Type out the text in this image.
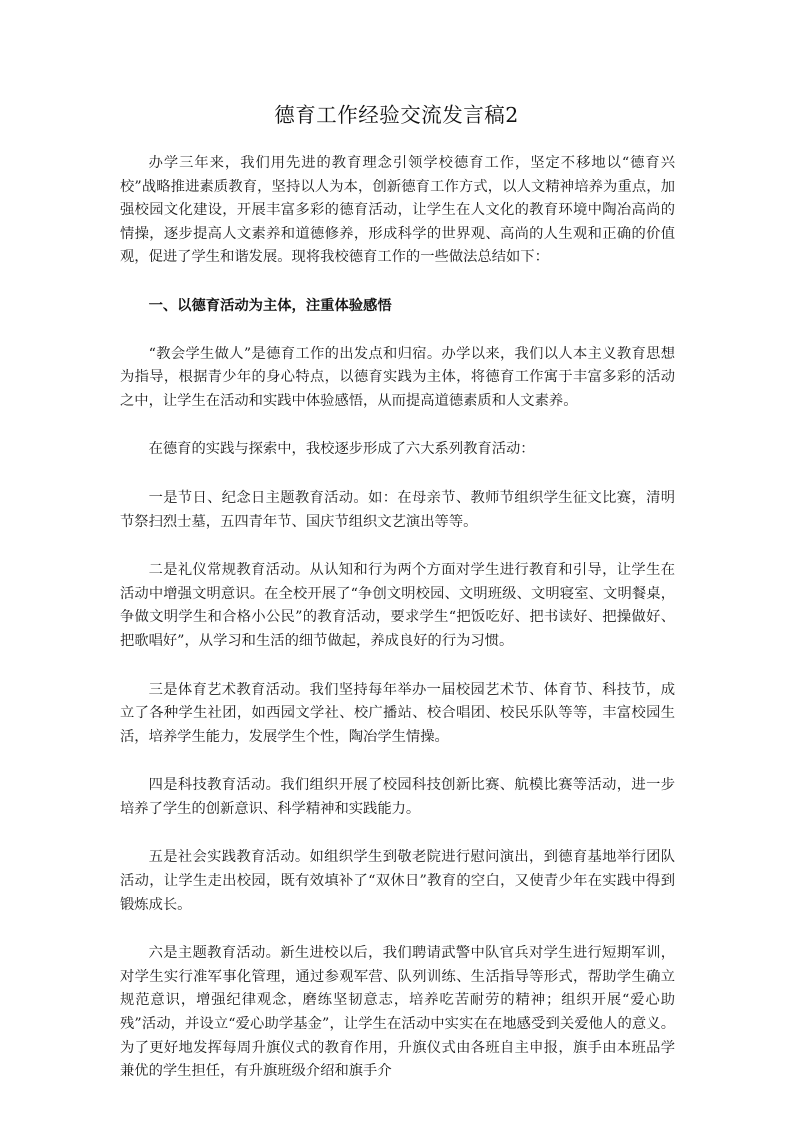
德育工作经验交流发言稿2

办学三年来，我们用先进的教育理念引领学校德育工作，坚定不移地以“德育兴校”战略推进素质教育，坚持以人为本，创新德育工作方式，以人文精神培养为重点，加强校园文化建设，开展丰富多彩的德育活动，让学生在人文化的教育环境中陶冶高尚的情操，逐步提高人文素养和道德修养，形成科学的世界观、高尚的人生观和正确的价值观，促进了学生和谐发展。现将我校德育工作的一些做法总结如下：

一、以德育活动为主体，注重体验感悟

“教会学生做人”是德育工作的出发点和归宿。办学以来，我们以人本主义教育思想为指导，根据青少年的身心特点，以德育实践为主体，将德育工作寓于丰富多彩的活动之中，让学生在活动和实践中体验感悟，从而提高道德素质和人文素养。

在德育的实践与探索中，我校逐步形成了六大系列教育活动：

一是节日、纪念日主题教育活动。如：在母亲节、教师节组织学生征文比赛，清明节祭扫烈士墓，五四青年节、国庆节组织文艺演出等等。

二是礼仪常规教育活动。从认知和行为两个方面对学生进行教育和引导，让学生在活动中增强文明意识。在全校开展了“争创文明校园、文明班级、文明寝室、文明餐桌，争做文明学生和合格小公民”的教育活动，要求学生“把饭吃好、把书读好、把操做好、把歌唱好”，从学习和生活的细节做起，养成良好的行为习惯。

三是体育艺术教育活动。我们坚持每年举办一届校园艺术节、体育节、科技节，成立了各种学生社团，如西园文学社、校广播站、校合唱团、校民乐队等等，丰富校园生活，培养学生能力，发展学生个性，陶冶学生情操。

四是科技教育活动。我们组织开展了校园科技创新比赛、航模比赛等活动，进一步培养了学生的创新意识、科学精神和实践能力。

五是社会实践教育活动。如组织学生到敬老院进行慰问演出，到德育基地举行团队活动，让学生走出校园，既有效填补了“双休日”教育的空白，又使青少年在实践中得到锻炼成长。

六是主题教育活动。新生进校以后，我们聘请武警中队官兵对学生进行短期军训，对学生实行准军事化管理，通过参观军营、队列训练、生活指导等形式，帮助学生确立规范意识，增强纪律观念，磨练坚韧意志，培养吃苦耐劳的精神；组织开展“爱心助残”活动，并设立“爱心助学基金”，让学生在活动中实实在在地感受到关爱他人的意义。为了更好地发挥每周升旗仪式的教育作用，升旗仪式由各班自主申报，旗手由本班品学兼优的学生担任，有升旗班级介绍和旗手介
